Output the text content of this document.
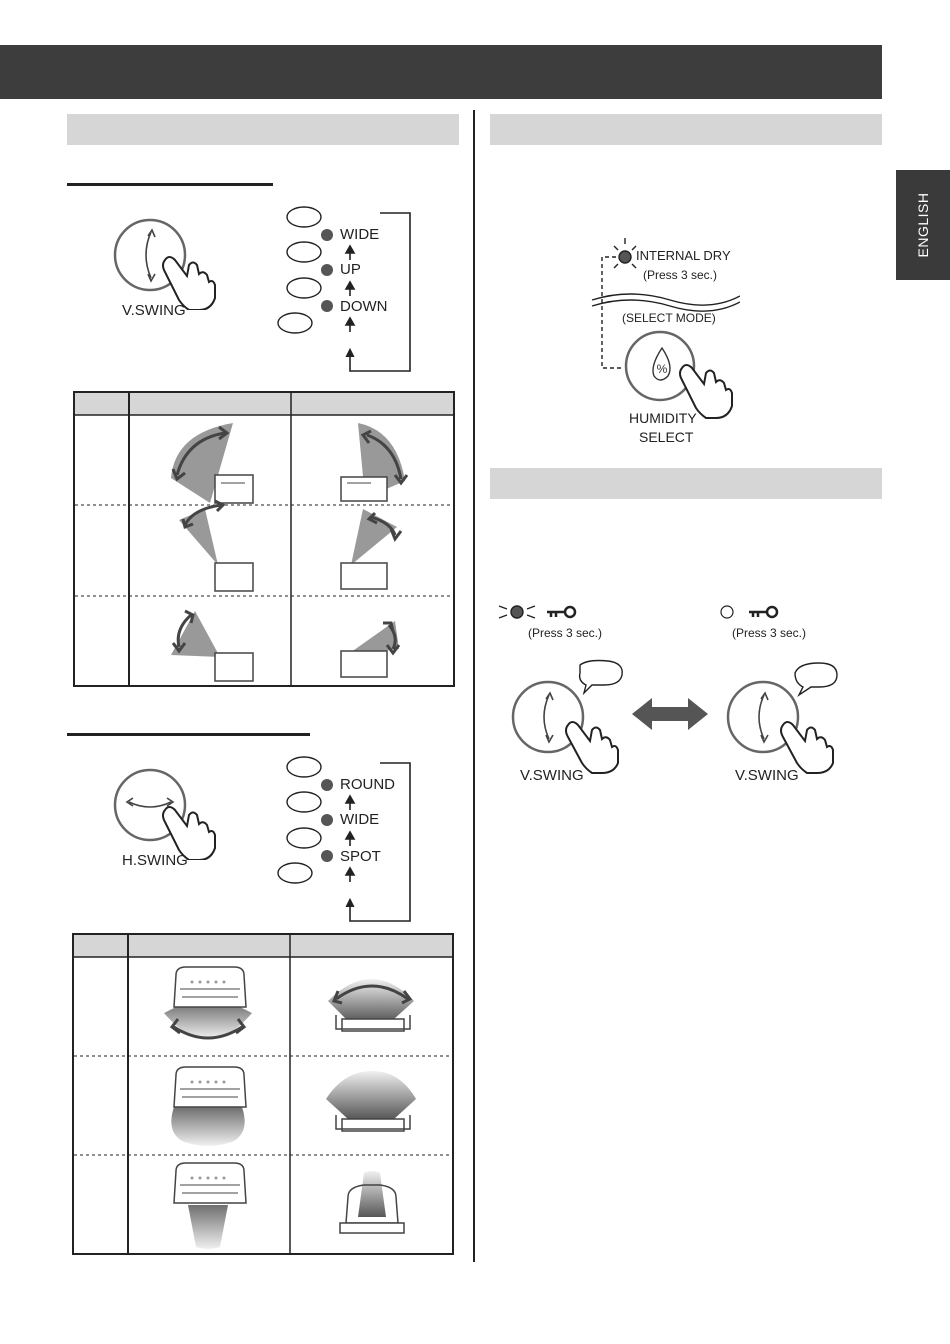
ENGLISH
V.SWING
WIDE
UP
DOWN
H.SWING
ROUND
WIDE
SPOT
%
INTERNAL DRY
(Press 3 sec.)
(SELECT MODE)
HUMIDITY
SELECT
(Press 3 sec.)	(Press 3 sec.)
V.SWING	V.SWING
